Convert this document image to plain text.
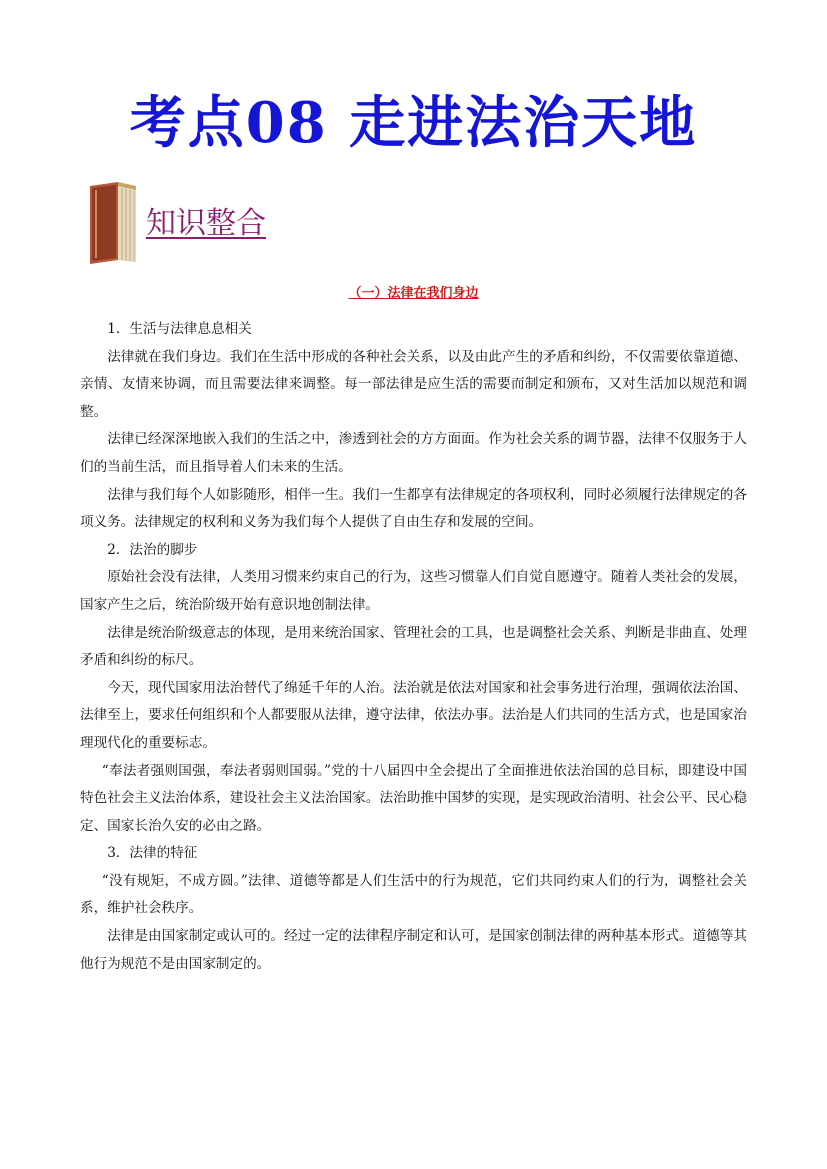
考点08 走进法治天地
知识整合
（一）法律在我们身边

1．生活与法律息息相关

法律就在我们身边。我们在生活中形成的各种社会关系，以及由此产生的矛盾和纠纷，不仅需要依靠道德、亲情、友情来协调，而且需要法律来调整。每一部法律是应生活的需要而制定和颁布，又对生活加以规范和调整。

法律已经深深地嵌入我们的生活之中，渗透到社会的方方面面。作为社会关系的调节器，法律不仅服务于人们的当前生活，而且指导着人们未来的生活。

法律与我们每个人如影随形，相伴一生。我们一生都享有法律规定的各项权利，同时必须履行法律规定的各项义务。法律规定的权利和义务为我们每个人提供了自由生存和发展的空间。

2．法治的脚步

原始社会没有法律，人类用习惯来约束自己的行为，这些习惯靠人们自觉自愿遵守。随着人类社会的发展，国家产生之后，统治阶级开始有意识地创制法律。

法律是统治阶级意志的体现，是用来统治国家、管理社会的工具，也是调整社会关系、判断是非曲直、处理矛盾和纠纷的标尺。

今天，现代国家用法治替代了绵延千年的人治。法治就是依法对国家和社会事务进行治理，强调依法治国、法律至上，要求任何组织和个人都要服从法律，遵守法律，依法办事。法治是人们共同的生活方式，也是国家治理现代化的重要标志。

“奉法者强则国强，奉法者弱则国弱。”党的十八届四中全会提出了全面推进依法治国的总目标，即建设中国特色社会主义法治体系，建设社会主义法治国家。法治助推中国梦的实现，是实现政治清明、社会公平、民心稳定、国家长治久安的必由之路。

3．法律的特征

“没有规矩，不成方圆。”法律、道德等都是人们生活中的行为规范，它们共同约束人们的行为，调整社会关系，维护社会秩序。

法律是由国家制定或认可的。经过一定的法律程序制定和认可，是国家创制法律的两种基本形式。道德等其他行为规范不是由国家制定的。
